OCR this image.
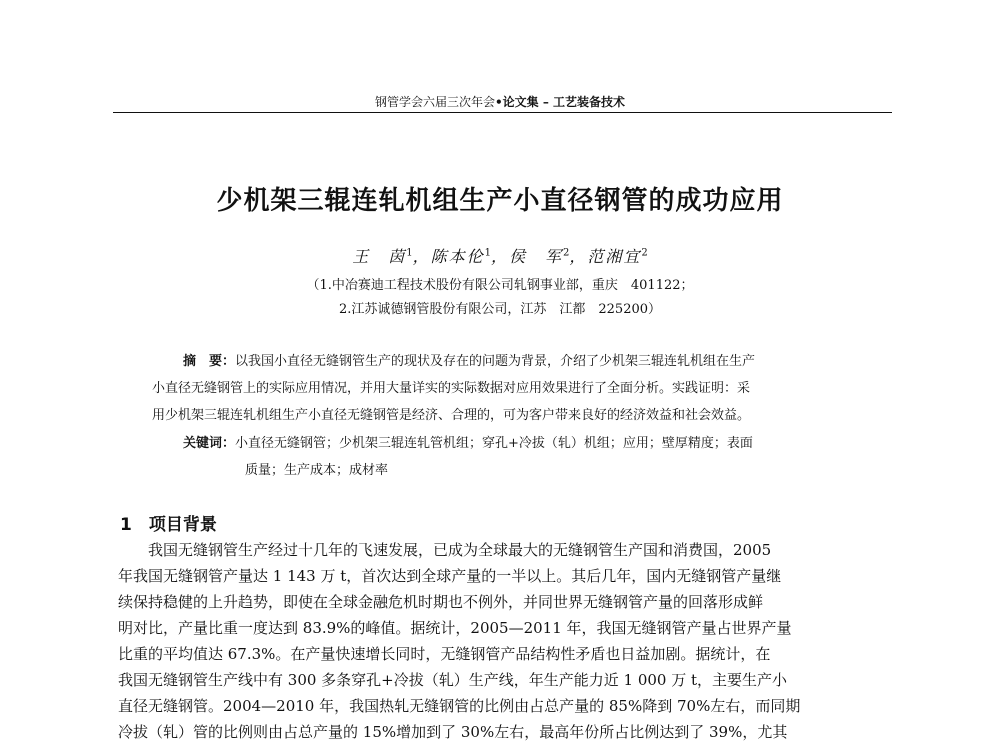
钢管学会六届三次年会•论文集 – 工艺装备技术
少机架三辊连轧机组生产小直径钢管的成功应用
王　茵$^1$，陈本伦$^1$，侯　军$^2$，范湘宜$^2$
（1.中冶赛迪工程技术股份有限公司轧钢事业部，重庆　401122；
2.江苏诚德钢管股份有限公司，江苏　江都　225200）
摘　要：以我国小直径无缝钢管生产的现状及存在的问题为背景，介绍了少机架三辊连轧机组在生产
小直径无缝钢管上的实际应用情况，并用大量详实的实际数据对应用效果进行了全面分析。实践证明：采
用少机架三辊连轧机组生产小直径无缝钢管是经济、合理的，可为客户带来良好的经济效益和社会效益。
关键词：小直径无缝钢管；少机架三辊连轧管机组；穿孔+冷拔（轧）机组；应用；壁厚精度；表面
质量；生产成本；成材率
1　项目背景
　　我国无缝钢管生产经过十几年的飞速发展，已成为全球最大的无缝钢管生产国和消费国，2005
年我国无缝钢管产量达 1 143 万 t，首次达到全球产量的一半以上。其后几年，国内无缝钢管产量继
续保持稳健的上升趋势，即使在全球金融危机时期也不例外，并同世界无缝钢管产量的回落形成鲜
明对比，产量比重一度达到 83.9%的峰值。据统计，2005—2011 年，我国无缝钢管产量占世界产量
比重的平均值达 67.3%。在产量快速增长同时，无缝钢管产品结构性矛盾也日益加剧。据统计，在
我国无缝钢管生产线中有 300 多条穿孔+冷拔（轧）生产线，年生产能力近 1 000 万 t，主要生产小
直径无缝钢管。2004—2010 年，我国热轧无缝钢管的比例由占总产量的 85%降到 70%左右，而同期
冷拔（轧）管的比例则由占总产量的 15%增加到了 30%左右，最高年份所占比例达到了 39%，尤其
